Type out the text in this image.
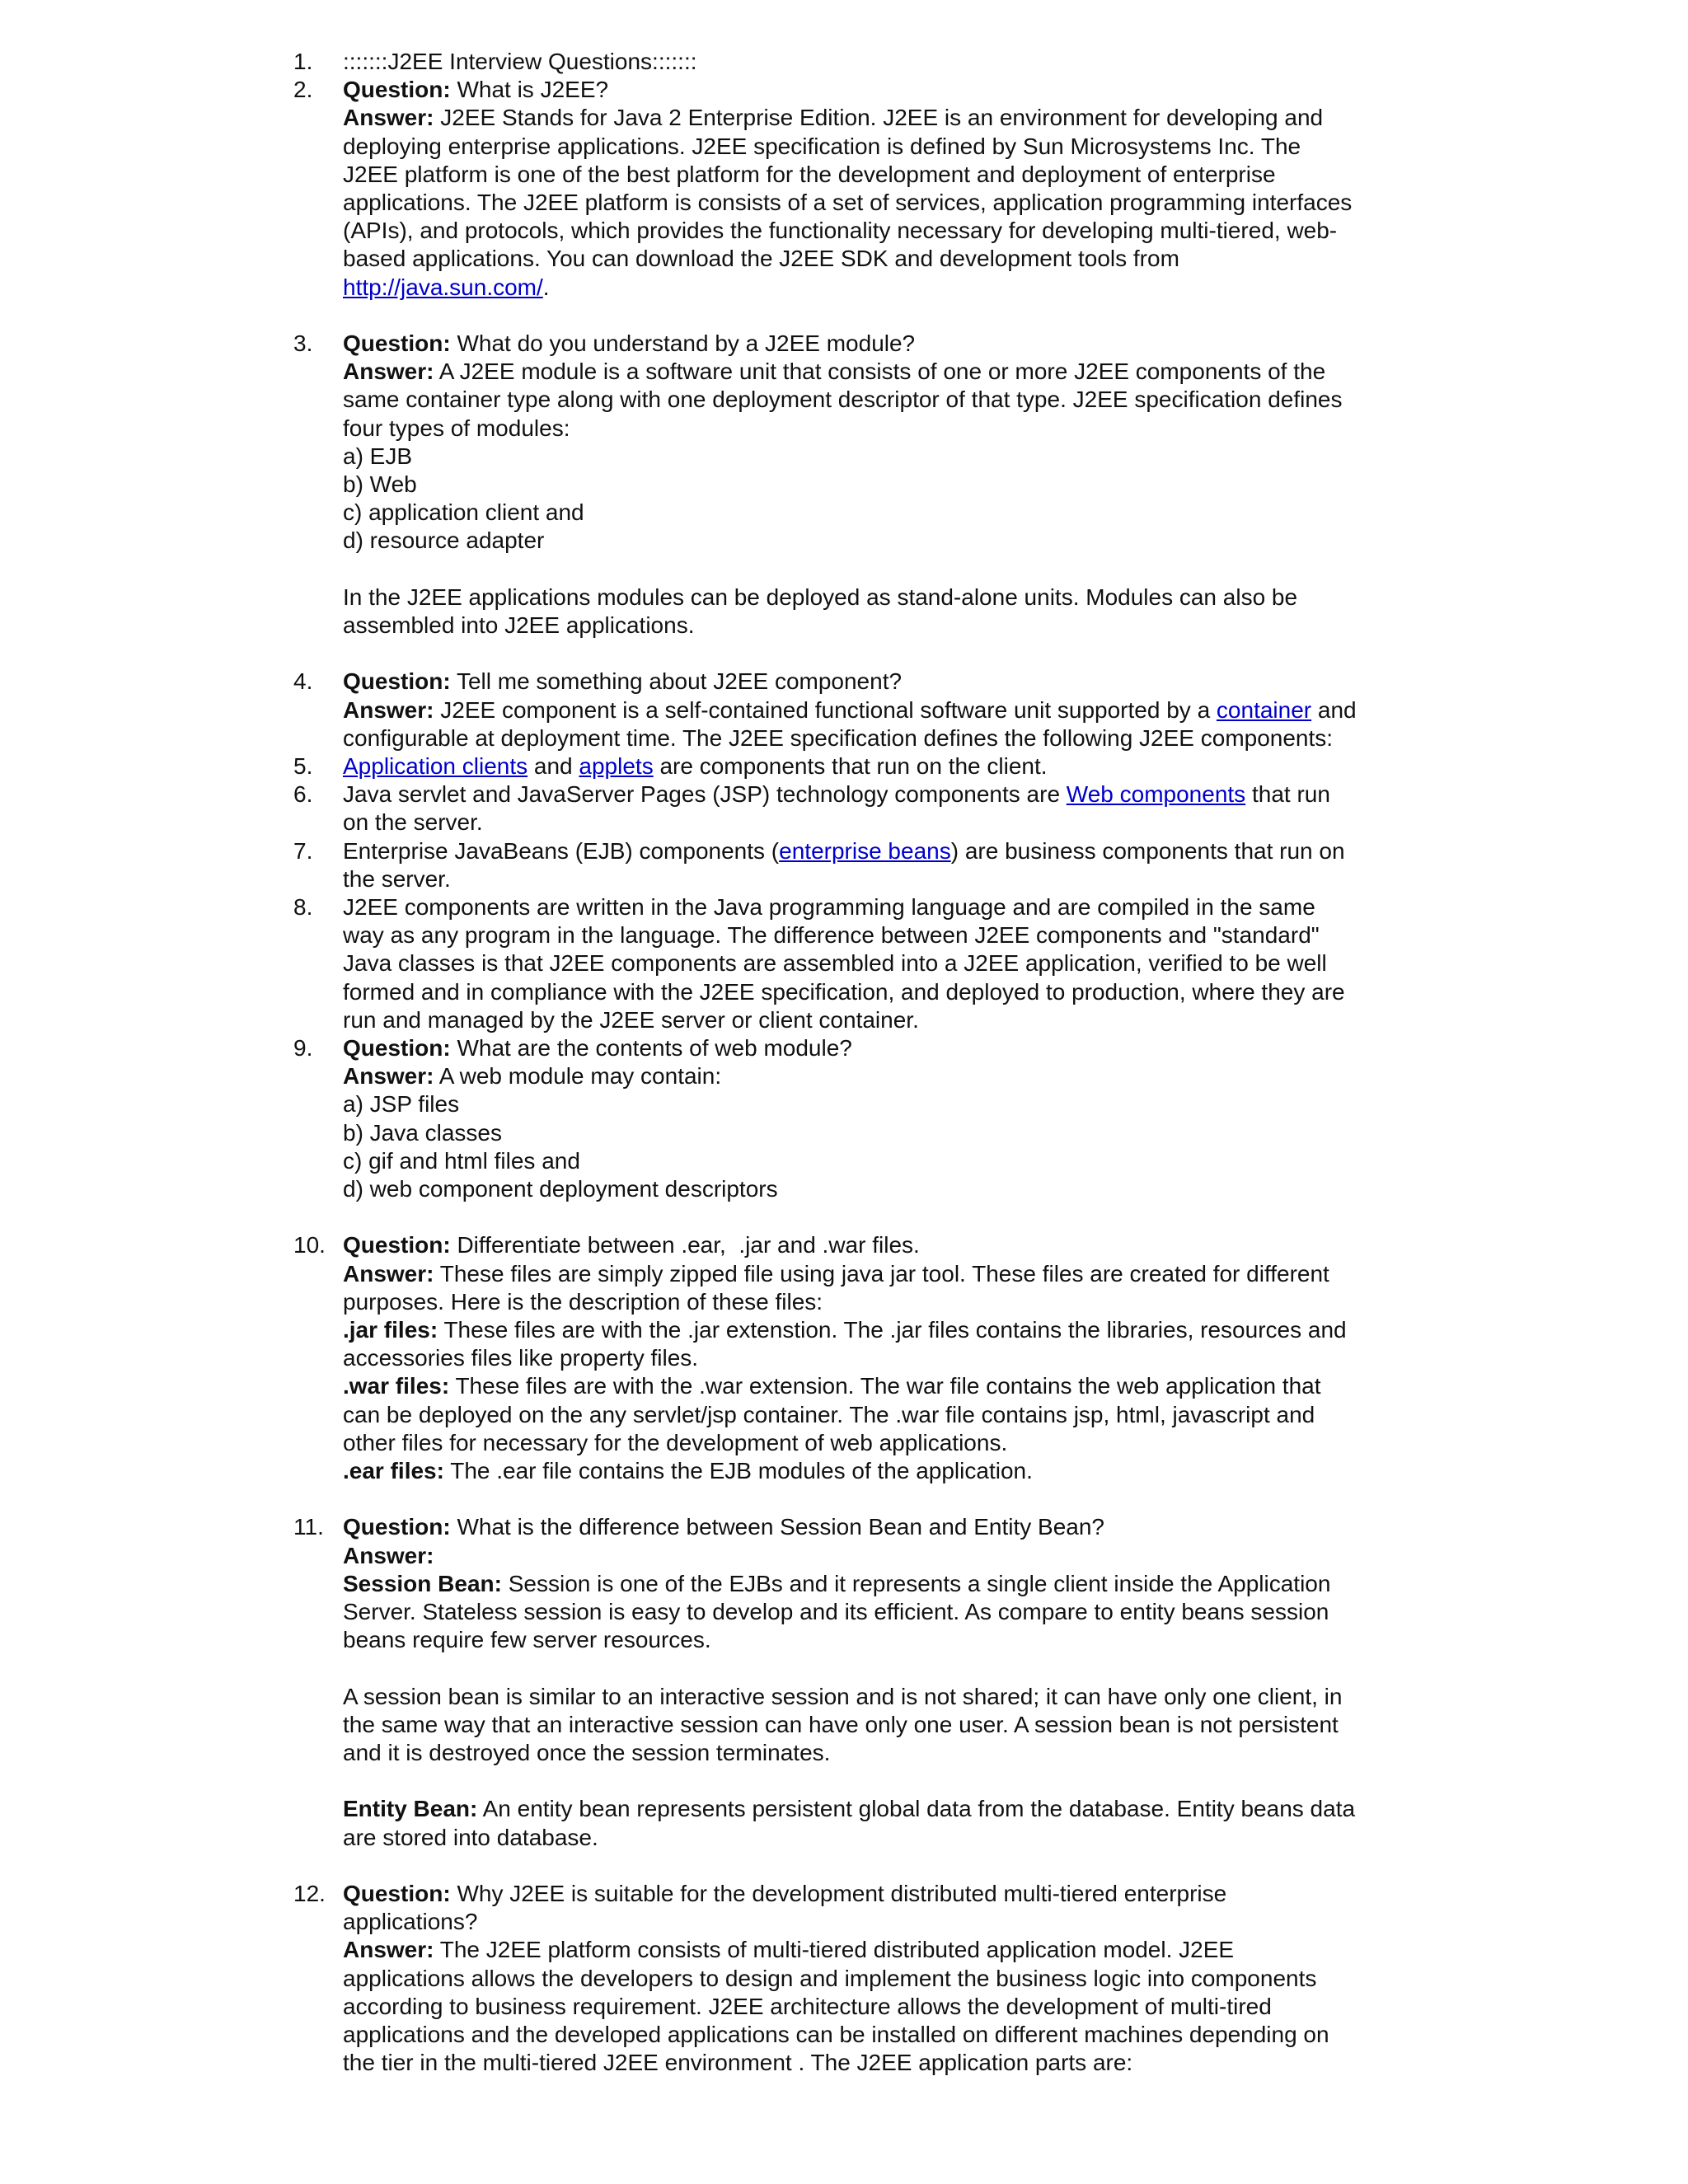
1.	:::::::J2EE Interview Questions:::::::
2.	Question: What is J2EE?
Answer: J2EE Stands for Java 2 Enterprise Edition. J2EE is an environment for developing and
deploying enterprise applications. J2EE specification is defined by Sun Microsystems Inc. The
J2EE platform is one of the best platform for the development and deployment of enterprise
applications. The J2EE platform is consists of a set of services, application programming interfaces
(APIs), and protocols, which provides the functionality necessary for developing multi-tiered, web-
based applications. You can download the J2EE SDK and development tools from
http://java.sun.com/.
3.	Question: What do you understand by a J2EE module?
Answer: A J2EE module is a software unit that consists of one or more J2EE components of the
same container type along with one deployment descriptor of that type. J2EE specification defines
four types of modules:
a) EJB
b) Web
c) application client and
d) resource adapter
In the J2EE applications modules can be deployed as stand-alone units. Modules can also be
assembled into J2EE applications.
4.	Question: Tell me something about J2EE component?
Answer: J2EE component is a self-contained functional software unit supported by a container and
configurable at deployment time. The J2EE specification defines the following J2EE components:
5.	Application clients and applets are components that run on the client.
6.	Java servlet and JavaServer Pages (JSP) technology components are Web components that run
on the server.
7.	Enterprise JavaBeans (EJB) components (enterprise beans) are business components that run on
the server.
8.	J2EE components are written in the Java programming language and are compiled in the same
way as any program in the language. The difference between J2EE components and "standard"
Java classes is that J2EE components are assembled into a J2EE application, verified to be well
formed and in compliance with the J2EE specification, and deployed to production, where they are
run and managed by the J2EE server or client container.
9.	Question: What are the contents of web module?
Answer: A web module may contain:
a) JSP files
b) Java classes
c) gif and html files and
d) web component deployment descriptors
10. Question: Differentiate between .ear,  .jar and .war files.
Answer: These files are simply zipped file using java jar tool. These files are created for different
purposes. Here is the description of these files:
.jar files: These files are with the .jar extenstion. The .jar files contains the libraries, resources and
accessories files like property files.
.war files: These files are with the .war extension. The war file contains the web application that
can be deployed on the any servlet/jsp container. The .war file contains jsp, html, javascript and
other files for necessary for the development of web applications.
.ear files: The .ear file contains the EJB modules of the application.
11. Question: What is the difference between Session Bean and Entity Bean?
Answer:
Session Bean: Session is one of the EJBs and it represents a single client inside the Application
Server. Stateless session is easy to develop and its efficient. As compare to entity beans session
beans require few server resources.
A session bean is similar to an interactive session and is not shared; it can have only one client, in
the same way that an interactive session can have only one user. A session bean is not persistent
and it is destroyed once the session terminates.
Entity Bean: An entity bean represents persistent global data from the database. Entity beans data
are stored into database.
12. Question: Why J2EE is suitable for the development distributed multi-tiered enterprise
applications?
Answer: The J2EE platform consists of multi-tiered distributed application model. J2EE
applications allows the developers to design and implement the business logic into components
according to business requirement. J2EE architecture allows the development of multi-tired
applications and the developed applications can be installed on different machines depending on
the tier in the multi-tiered J2EE environment . The J2EE application parts are:
